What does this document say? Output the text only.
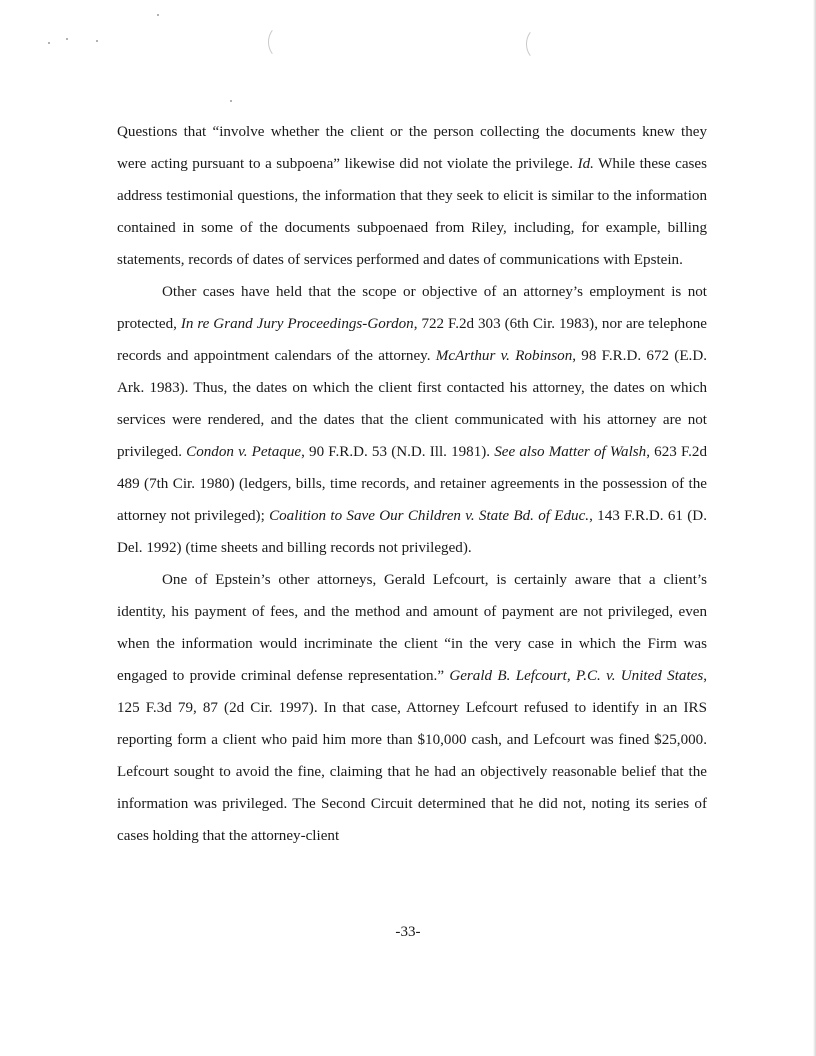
Questions that “involve whether the client or the person collecting the documents knew they were acting pursuant to a subpoena” likewise did not violate the privilege. Id. While these cases address testimonial questions, the information that they seek to elicit is similar to the information contained in some of the documents subpoenaed from Riley, including, for example, billing statements, records of dates of services performed and dates of communications with Epstein.

Other cases have held that the scope or objective of an attorney’s employment is not protected, In re Grand Jury Proceedings-Gordon, 722 F.2d 303 (6th Cir. 1983), nor are telephone records and appointment calendars of the attorney. McArthur v. Robinson, 98 F.R.D. 672 (E.D. Ark. 1983). Thus, the dates on which the client first contacted his attorney, the dates on which services were rendered, and the dates that the client communicated with his attorney are not privileged. Condon v. Petaque, 90 F.R.D. 53 (N.D. Ill. 1981). See also Matter of Walsh, 623 F.2d 489 (7th Cir. 1980) (ledgers, bills, time records, and retainer agreements in the possession of the attorney not privileged); Coalition to Save Our Children v. State Bd. of Educ., 143 F.R.D. 61 (D. Del. 1992) (time sheets and billing records not privileged).

One of Epstein’s other attorneys, Gerald Lefcourt, is certainly aware that a client’s identity, his payment of fees, and the method and amount of payment are not privileged, even when the information would incriminate the client “in the very case in which the Firm was engaged to provide criminal defense representation.” Gerald B. Lefcourt, P.C. v. United States, 125 F.3d 79, 87 (2d Cir. 1997). In that case, Attorney Lefcourt refused to identify in an IRS reporting form a client who paid him more than $10,000 cash, and Lefcourt was fined $25,000. Lefcourt sought to avoid the fine, claiming that he had an objectively reasonable belief that the information was privileged. The Second Circuit determined that he did not, noting its series of cases holding that the attorney-client

-33-
